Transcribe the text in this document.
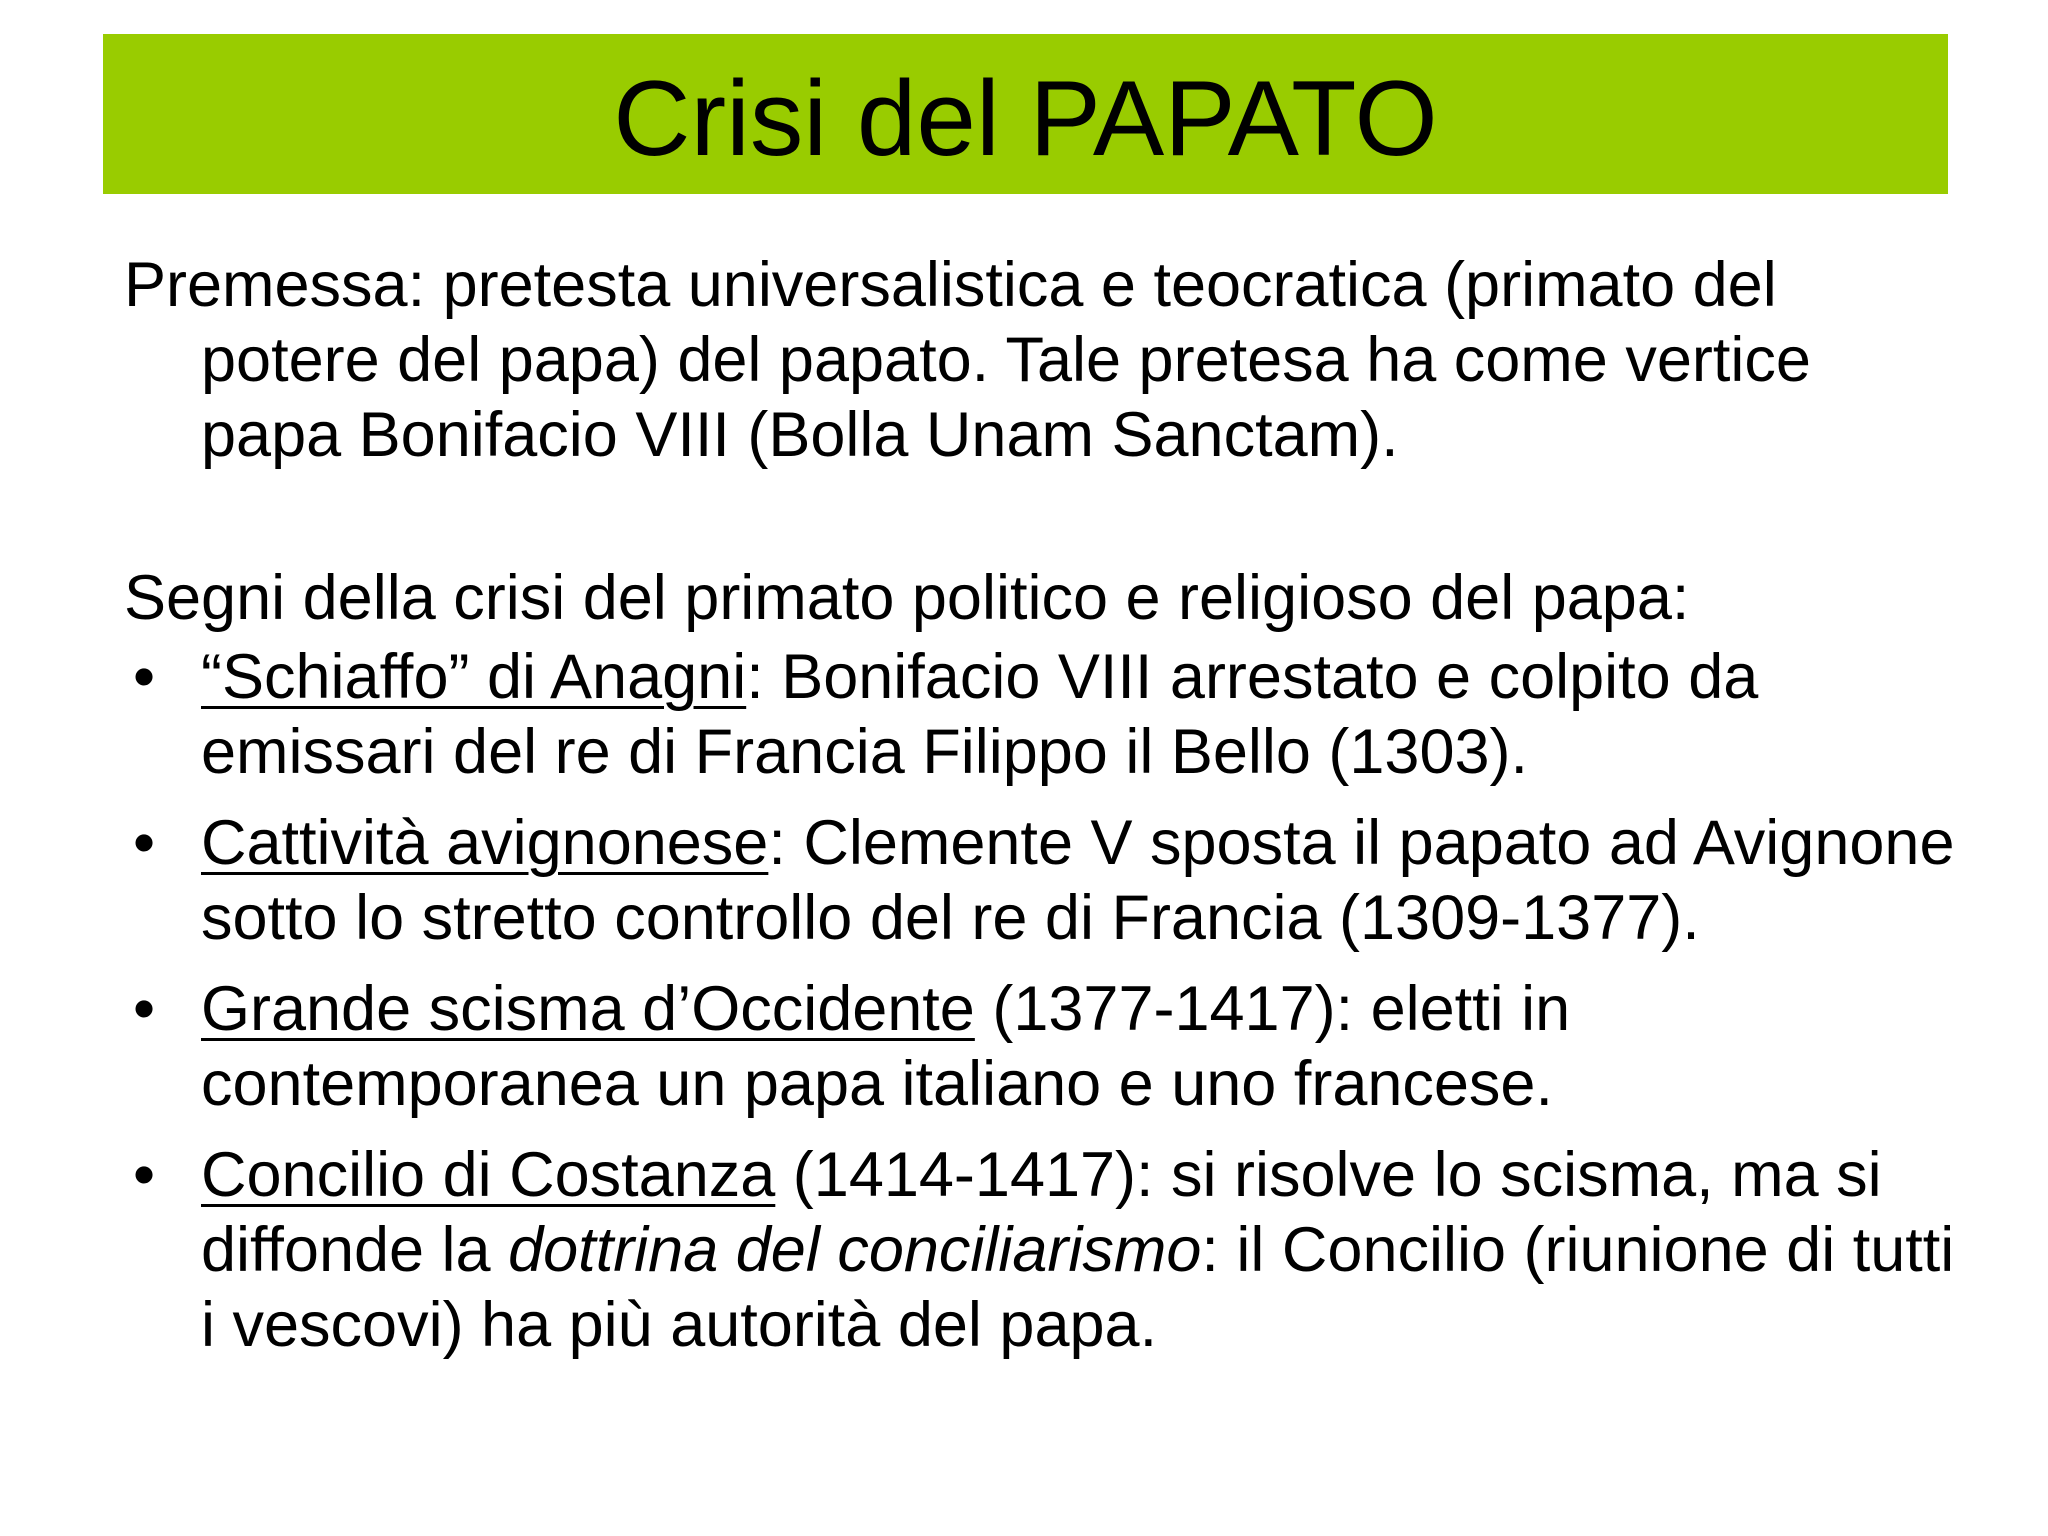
Crisi del PAPATO

Premessa: pretesta universalistica e teocratica (primato del potere del papa) del papato. Tale pretesa ha come vertice papa Bonifacio VIII (Bolla Unam Sanctam).

Segni della crisi del primato politico e religioso del papa:

• “Schiaffo” di Anagni: Bonifacio VIII arrestato e colpito da emissari del re di Francia Filippo il Bello (1303).
• Cattività avignonese: Clemente V sposta il papato ad Avignone sotto lo stretto controllo del re di Francia (1309-1377).
• Grande scisma d’Occidente (1377-1417): eletti in contemporanea un papa italiano e uno francese.
• Concilio di Costanza (1414-1417): si risolve lo scisma, ma si diffonde la dottrina del conciliarismo: il Concilio (riunione di tutti i vescovi) ha più autorità del papa.
